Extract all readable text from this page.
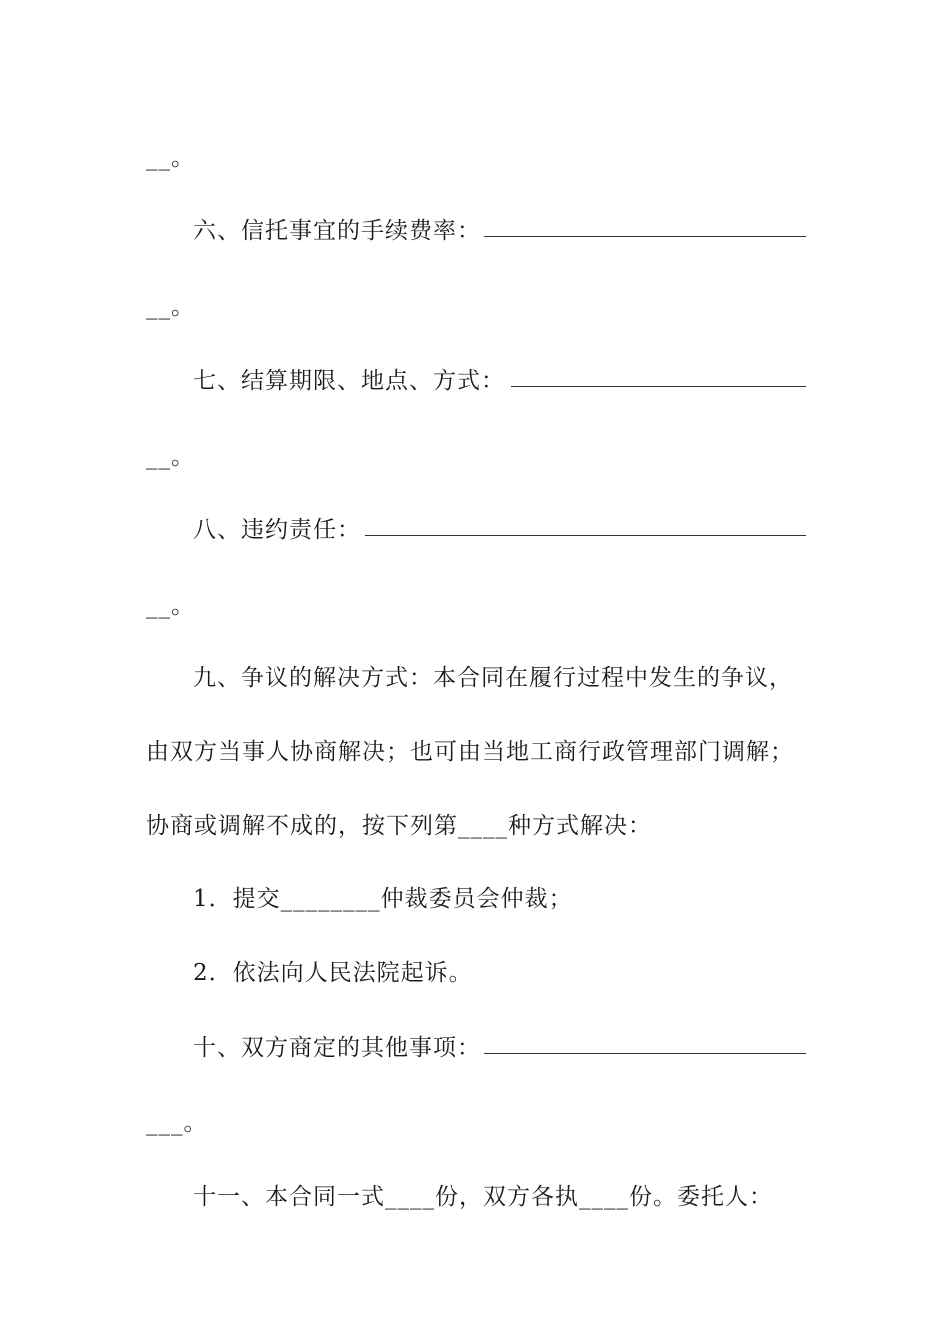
__。
六、信托事宜的手续费率：
__。
七、结算期限、地点、方式：
__。
八、违约责任：
__。
九、争议的解决方式：本合同在履行过程中发生的争议，
由双方当事人协商解决；也可由当地工商行政管理部门调解；
协商或调解不成的，按下列第____种方式解决：
1．提交________仲裁委员会仲裁；
2．依法向人民法院起诉。
十、双方商定的其他事项：
___。
十一、本合同一式____份，双方各执____份。委托人：
